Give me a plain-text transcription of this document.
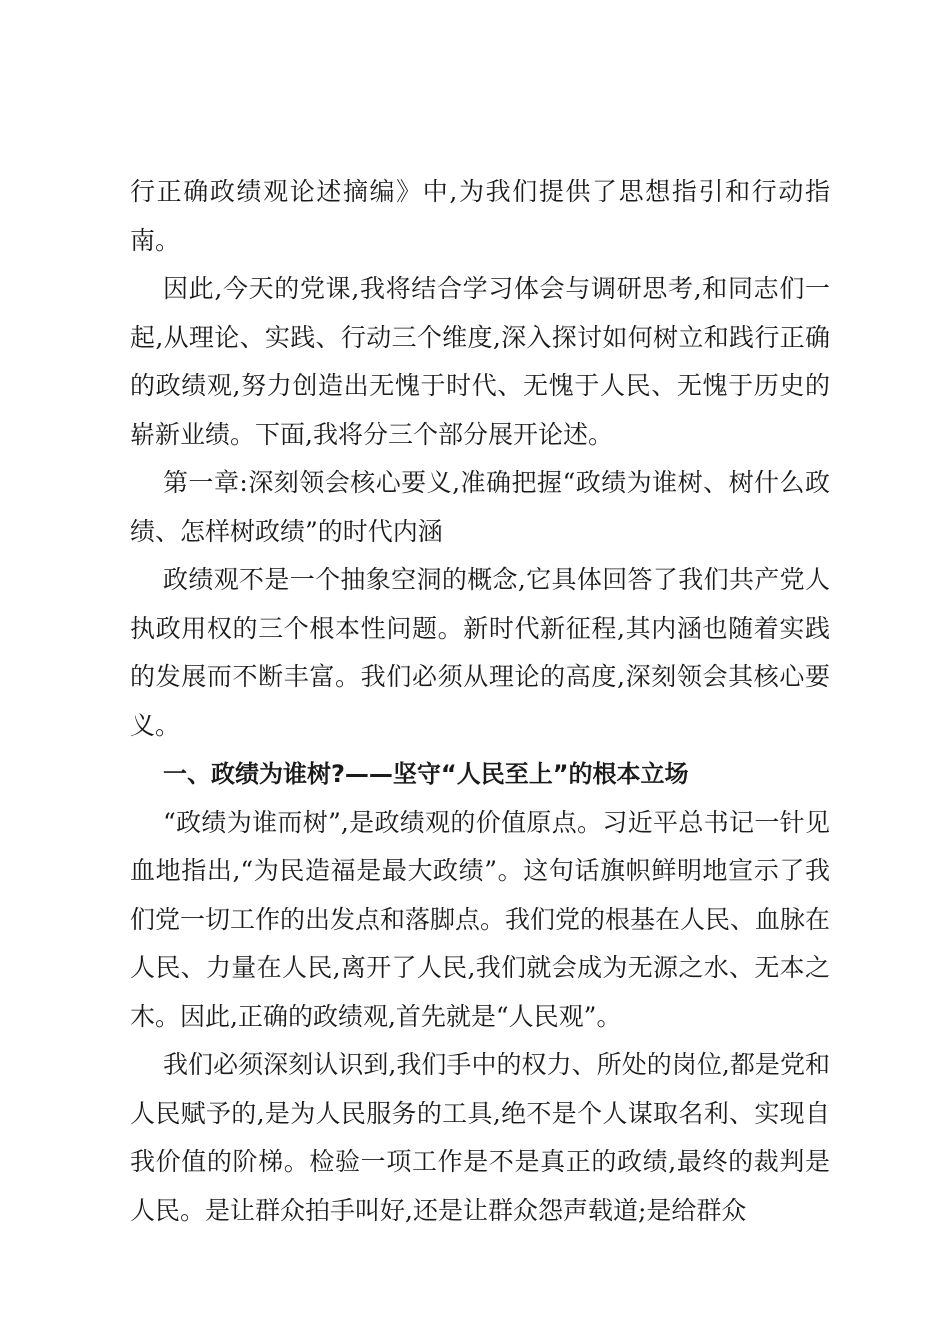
行正确政绩观论述摘编》中,为我们提供了思想指引和行动指南。

因此,今天的党课,我将结合学习体会与调研思考,和同志们一起,从理论、实践、行动三个维度,深入探讨如何树立和践行正确的政绩观,努力创造出无愧于时代、无愧于人民、无愧于历史的崭新业绩。下面,我将分三个部分展开论述。

第一章:深刻领会核心要义,准确把握“政绩为谁树、树什么政绩、怎样树政绩”的时代内涵

政绩观不是一个抽象空洞的概念,它具体回答了我们共产党人执政用权的三个根本性问题。新时代新征程,其内涵也随着实践的发展而不断丰富。我们必须从理论的高度,深刻领会其核心要义。

一、政绩为谁树?——坚守“人民至上”的根本立场

“政绩为谁而树”,是政绩观的价值原点。习近平总书记一针见血地指出,“为民造福是最大政绩”。这句话旗帜鲜明地宣示了我们党一切工作的出发点和落脚点。我们党的根基在人民、血脉在人民、力量在人民,离开了人民,我们就会成为无源之水、无本之木。因此,正确的政绩观,首先就是“人民观”。

我们必须深刻认识到,我们手中的权力、所处的岗位,都是党和人民赋予的,是为人民服务的工具,绝不是个人谋取名利、实现自我价值的阶梯。检验一项工作是不是真正的政绩,最终的裁判是人民。是让群众拍手叫好,还是让群众怨声载道;是给群众
